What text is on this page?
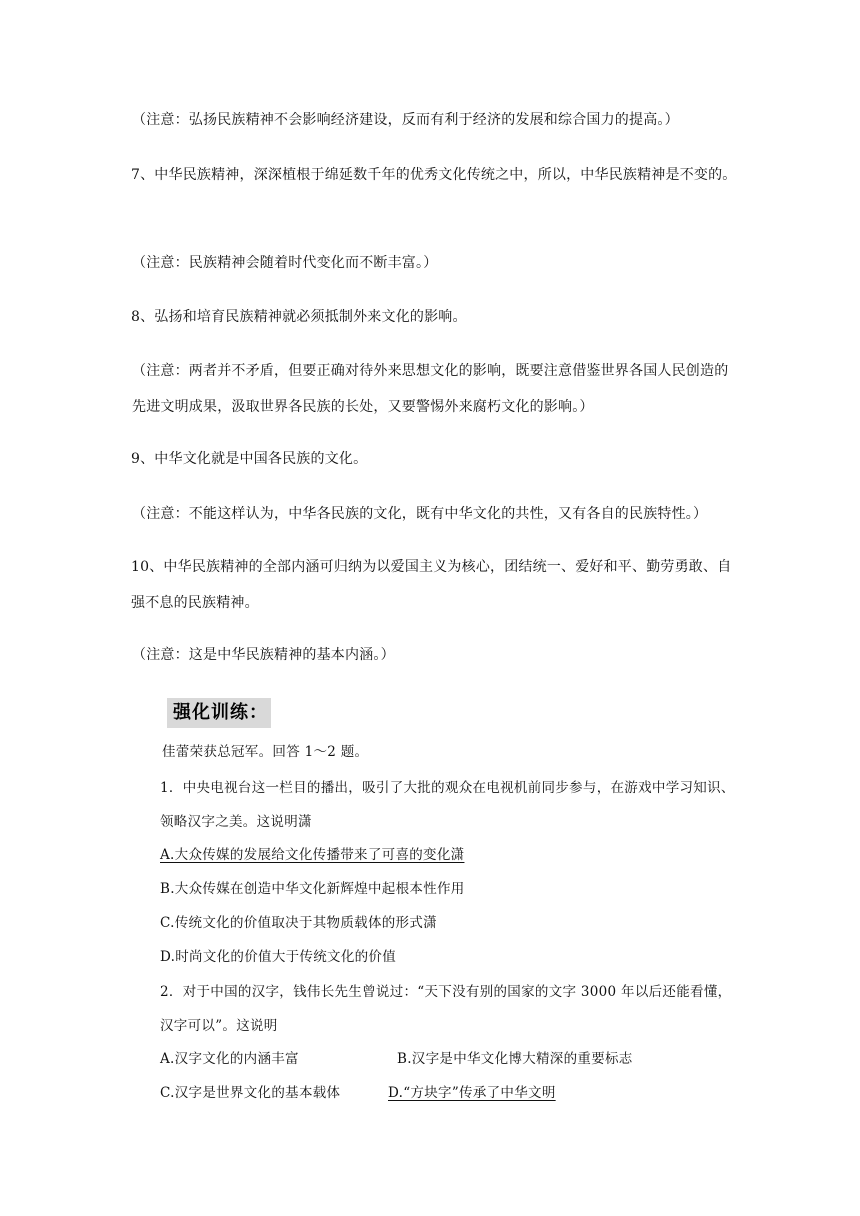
（注意：弘扬民族精神不会影响经济建设，反而有利于经济的发展和综合国力的提高。）
7、中华民族精神，深深植根于绵延数千年的优秀文化传统之中，所以，中华民族精神是不变的。
（注意：民族精神会随着时代变化而不断丰富。）
8、弘扬和培育民族精神就必须抵制外来文化的影响。
（注意：两者并不矛盾，但要正确对待外来思想文化的影响，既要注意借鉴世界各国人民创造的先进文明成果，汲取世界各民族的长处，又要警惕外来腐朽文化的影响。）
9、中华文化就是中国各民族的文化。
（注意：不能这样认为，中华各民族的文化，既有中华文化的共性，又有各自的民族特性。）
10、中华民族精神的全部内涵可归纳为以爱国主义为核心，团结统一、爱好和平、勤劳勇敢、自强不息的民族精神。
（注意：这是中华民族精神的基本内涵。）
强化训练：
佳蕾荣获总冠军。回答 1～2 题。
1．中央电视台这一栏目的播出，吸引了大批的观众在电视机前同步参与，在游戏中学习知识、领略汉字之美。这说明潇
A.大众传媒的发展给文化传播带来了可喜的变化潇
B.大众传媒在创造中华文化新辉煌中起根本性作用
C.传统文化的价值取决于其物质载体的形式潇
D.时尚文化的价值大于传统文化的价值
2．对于中国的汉字，钱伟长先生曾说过：“天下没有别的国家的文字 3000 年以后还能看懂，汉字可以”。这说明
A.汉字文化的内涵丰富	B.汉字是中华文化博大精深的重要标志
C.汉字是世界文化的基本载体	D.“方块字”传承了中华文明
